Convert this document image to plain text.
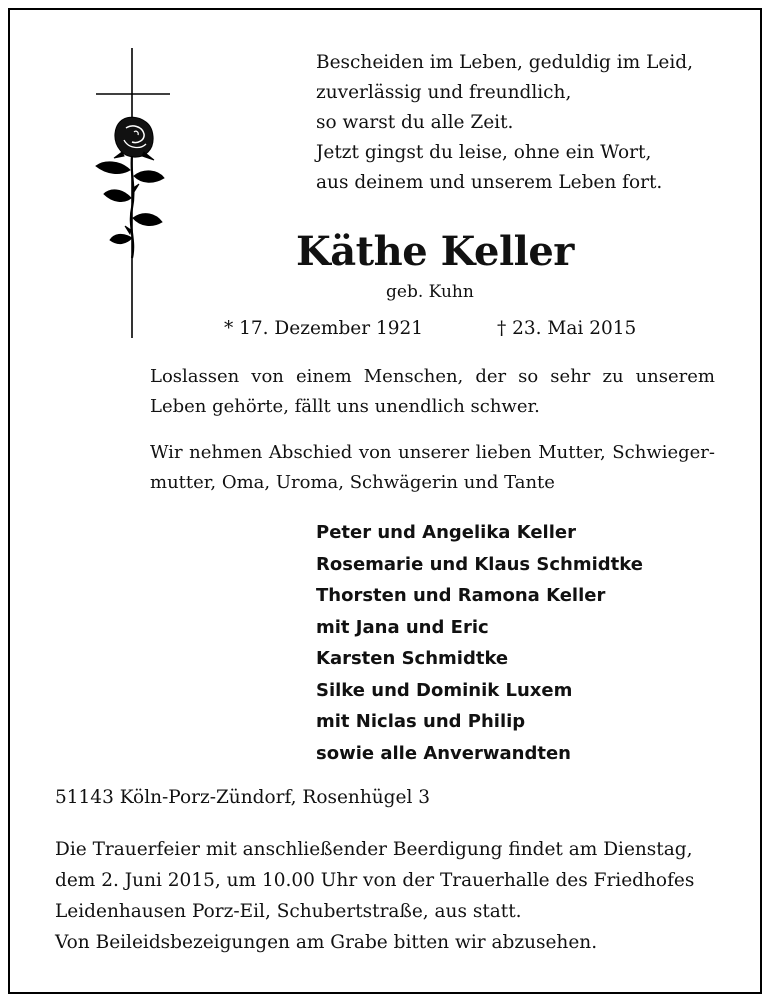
Bescheiden im Leben, geduldig im Leid,
zuverlässig und freundlich,
so warst du alle Zeit.
Jetzt gingst du leise, ohne ein Wort,
aus deinem und unserem Leben fort.
Käthe Keller
geb. Kuhn
* 17. Dezember 1921	† 23. Mai 2015
Loslassen von einem Menschen, der so sehr zu unserem Leben gehörte, fällt uns unendlich schwer.
Wir nehmen Abschied von unserer lieben Mutter, Schwieger-mutter, Oma, Uroma, Schwägerin und Tante
Peter und Angelika Keller
Rosemarie und Klaus Schmidtke
Thorsten und Ramona Keller
mit Jana und Eric
Karsten Schmidtke
Silke und Dominik Luxem
mit Niclas und Philip
sowie alle Anverwandten
51143 Köln-Porz-Zündorf, Rosenhügel 3
Die Trauerfeier mit anschließender Beerdigung findet am Dienstag,
dem 2. Juni 2015, um 10.00 Uhr von der Trauerhalle des Friedhofes
Leidenhausen Porz-Eil, Schubertstraße, aus statt.
Von Beileidsbezeigungen am Grabe bitten wir abzusehen.
